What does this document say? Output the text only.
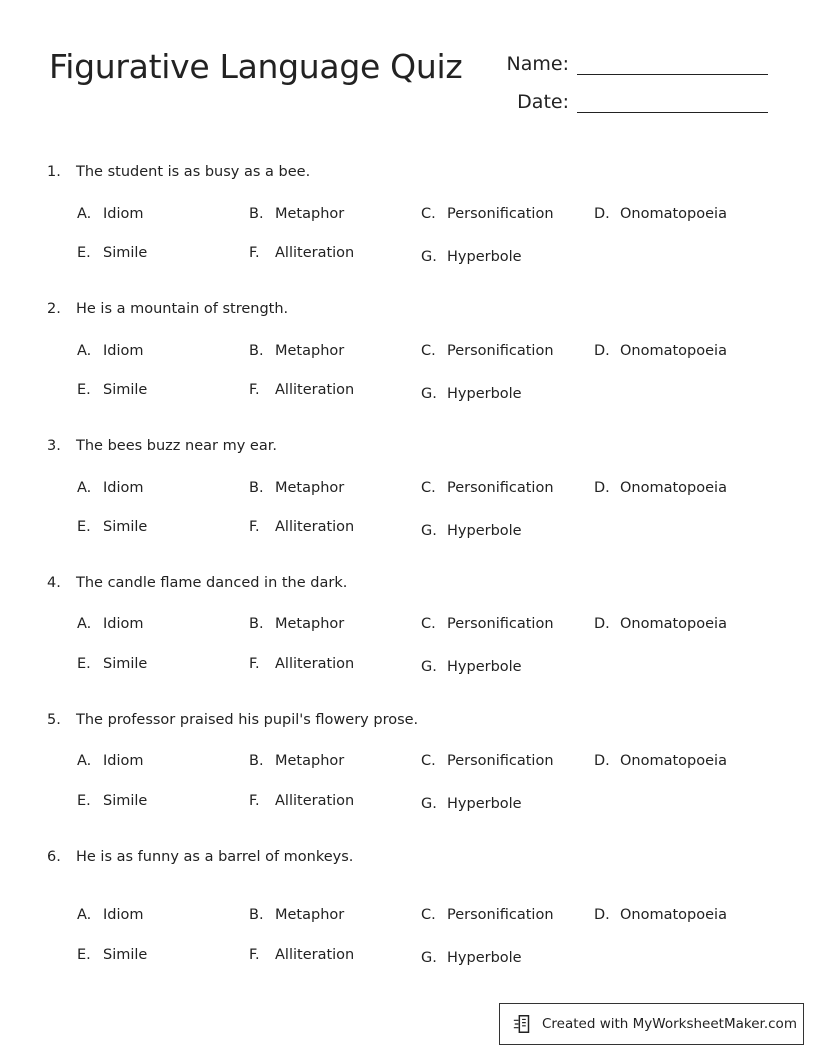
Figurative Language Quiz	Name:
Date:
1. The student is as busy as a bee.
A. Idiom	B. Metaphor	C. Personification	D. Onomatopoeia
E. Simile	F. Alliteration	G. Hyperbole
2. He is a mountain of strength.
A. Idiom	B. Metaphor	C. Personification	D. Onomatopoeia
E. Simile	F. Alliteration	G. Hyperbole
3. The bees buzz near my ear.
A. Idiom	B. Metaphor	C. Personification	D. Onomatopoeia
E. Simile	F. Alliteration	G. Hyperbole
4. The candle flame danced in the dark.
A. Idiom	B. Metaphor	C. Personification	D. Onomatopoeia
E. Simile	F. Alliteration	G. Hyperbole
5. The professor praised his pupil's flowery prose.
A. Idiom	B. Metaphor	C. Personification	D. Onomatopoeia
E. Simile	F. Alliteration	G. Hyperbole
6. He is as funny as a barrel of monkeys.
A. Idiom	B. Metaphor	C. Personification	D. Onomatopoeia
E. Simile	F. Alliteration	G. Hyperbole
Created with MyWorksheetMaker.com
